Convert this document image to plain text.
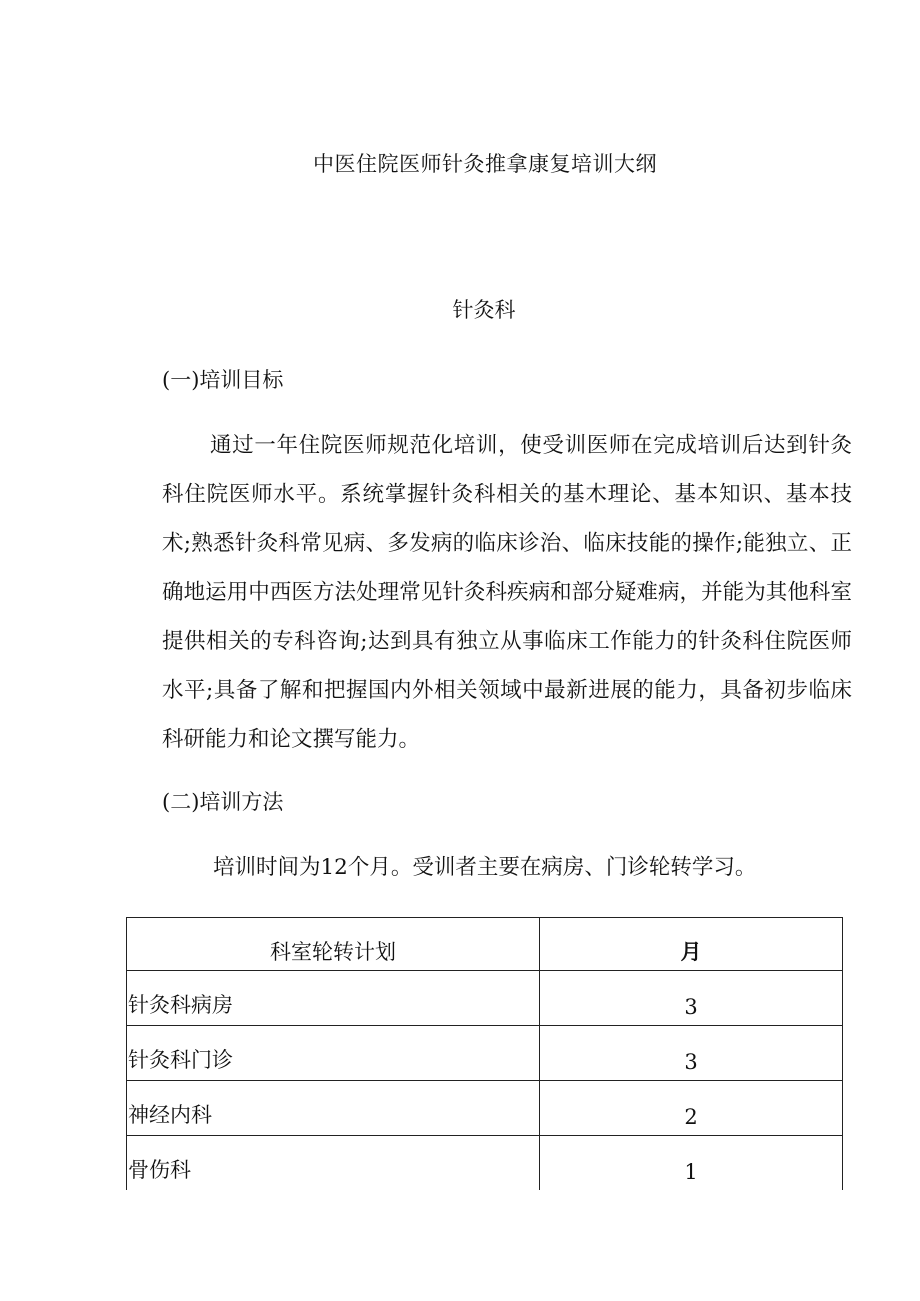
中医住院医师针灸推拿康复培训大纲
针灸科
(一)培训目标

通过一年住院医师规范化培训，使受训医师在完成培训后达到针灸科住院医师水平。系统掌握针灸科相关的基木理论、基本知识、基本技术;熟悉针灸科常见病、多发病的临床诊治、临床技能的操作;能独立、正确地运用中西医方法处理常见针灸科疾病和部分疑难病，并能为其他科室提供相关的专科咨询;达到具有独立从事临床工作能力的针灸科住院医师水平;具备了解和把握国内外相关领域中最新进展的能力，具备初步临床科研能力和论文撰写能力。

(二)培训方法

培训时间为12个月。受训者主要在病房、门诊轮转学习。

科室轮转计划	月
针灸科病房	3
针灸科门诊	3
神经内科	2
骨伤科	1
